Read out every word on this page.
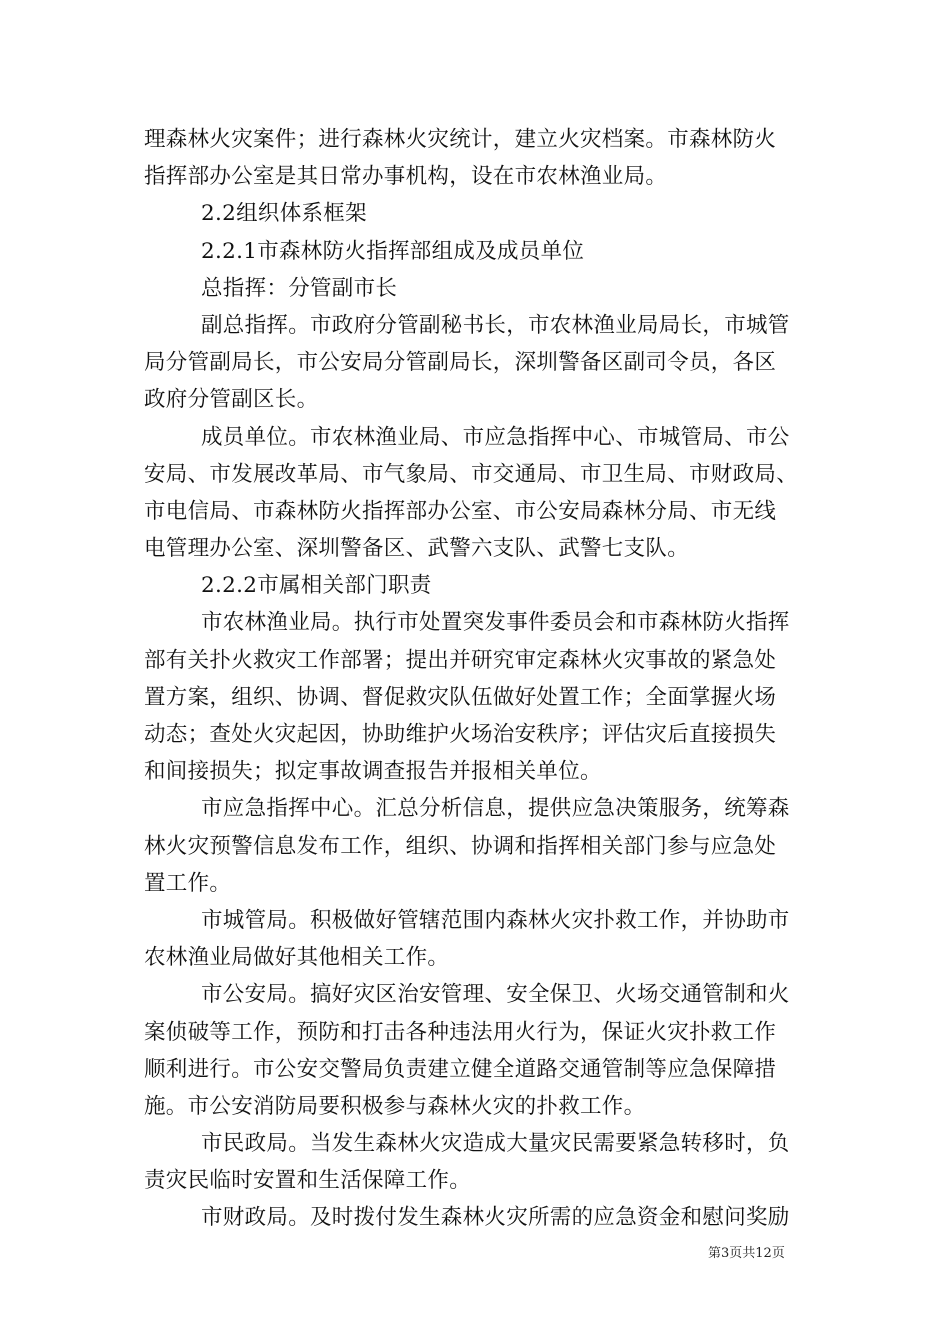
理森林火灾案件；进行森林火灾统计，建立火灾档案。市森林防火
指挥部办公室是其日常办事机构，设在市农林渔业局。
2.2组织体系框架
2.2.1市森林防火指挥部组成及成员单位
总指挥：分管副市长
副总指挥。市政府分管副秘书长，市农林渔业局局长，市城管
局分管副局长，市公安局分管副局长，深圳警备区副司令员，各区
政府分管副区长。
成员单位。市农林渔业局、市应急指挥中心、市城管局、市公
安局、市发展改革局、市气象局、市交通局、市卫生局、市财政局、
市电信局、市森林防火指挥部办公室、市公安局森林分局、市无线
电管理办公室、深圳警备区、武警六支队、武警七支队。
2.2.2市属相关部门职责
市农林渔业局。执行市处置突发事件委员会和市森林防火指挥
部有关扑火救灾工作部署；提出并研究审定森林火灾事故的紧急处
置方案，组织、协调、督促救灾队伍做好处置工作；全面掌握火场
动态；查处火灾起因，协助维护火场治安秩序；评估灾后直接损失
和间接损失；拟定事故调查报告并报相关单位。
市应急指挥中心。汇总分析信息，提供应急决策服务，统筹森
林火灾预警信息发布工作，组织、协调和指挥相关部门参与应急处
置工作。
市城管局。积极做好管辖范围内森林火灾扑救工作，并协助市
农林渔业局做好其他相关工作。
市公安局。搞好灾区治安管理、安全保卫、火场交通管制和火
案侦破等工作，预防和打击各种违法用火行为，保证火灾扑救工作
顺利进行。市公安交警局负责建立健全道路交通管制等应急保障措
施。市公安消防局要积极参与森林火灾的扑救工作。
市民政局。当发生森林火灾造成大量灾民需要紧急转移时，负
责灾民临时安置和生活保障工作。
市财政局。及时拨付发生森林火灾所需的应急资金和慰问奖励
第3页共12页
